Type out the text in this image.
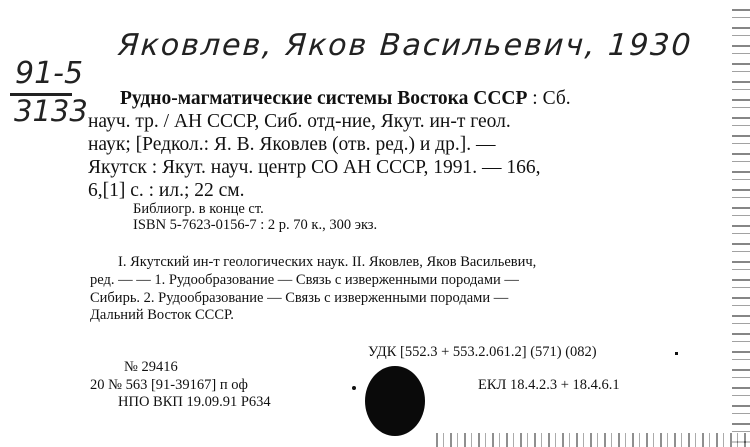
Яковлев, Яков Васильевич, 1930
91-5
3133 Рудно-магматические системы Востока СССР : Сб.
науч. тр. / АН СССР, Сиб. отд-ние, Якут. ин-т геол.
наук; [Редкол.: Я. В. Яковлев (отв. ред.) и др.]. —
Якутск : Якут. науч. центр СО АН СССР, 1991. — 166,
6,[1] с. : ил.; 22 см.
Библиогр. в конце ст.
ISBN 5-7623-0156-7 : 2 р. 70 к., 300 экз.
I. Якутский ин-т геологических наук. II. Яковлев, Яков Васильевич,
ред. — — 1. Рудообразование — Связь с изверженными породами —
Сибирь. 2. Рудообразование — Связь с изверженными породами —
Дальний Восток СССР.
УДК [552.3 + 553.2.061.2] (571) (082)
№ 29416
20 № 563 [91-39167] п оф
НПО ВКП 19.09.91 Р634
ЕКЛ 18.4.2.3 + 18.4.6.1
